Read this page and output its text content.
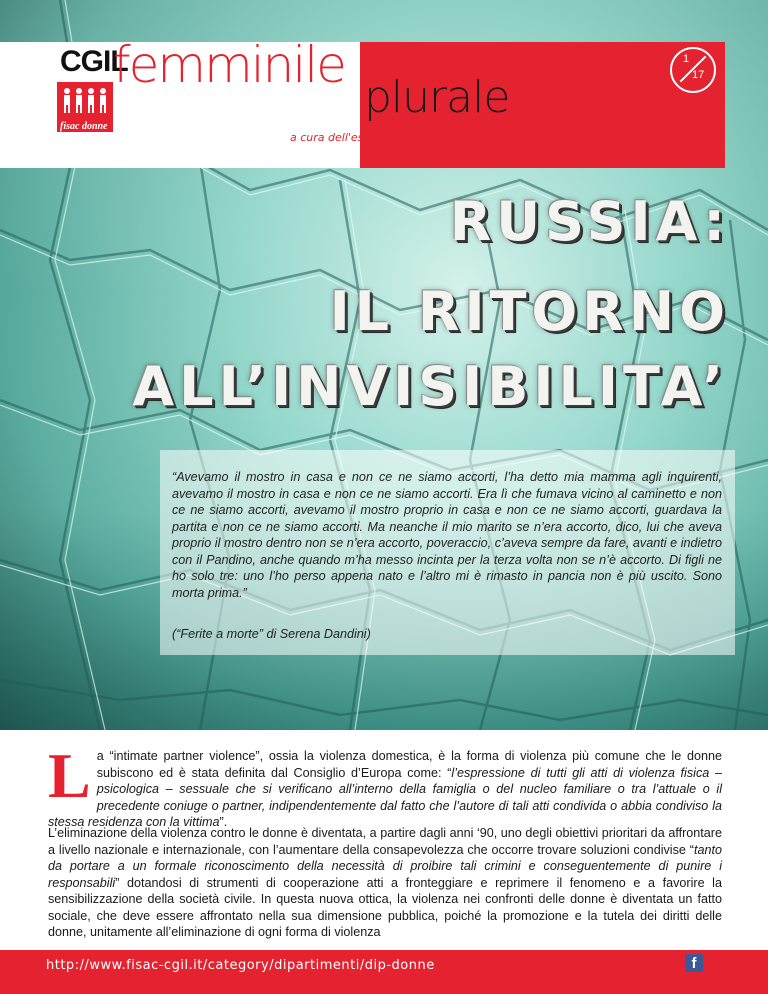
CGIL
fisac donne
femminile
plurale
a cura dell'esecutivo donne fisac/cgil
1
17
RUSSIA:
IL RITORNO
ALL’INVISIBILITA’
“Avevamo il mostro in casa e non ce ne siamo accorti, l’ha detto mia mamma agli inquirenti, avevamo il mostro in casa e non ce ne siamo accorti. Era lì che fumava vicino al caminetto e non ce ne siamo accorti, avevamo il mostro proprio in casa e non ce ne siamo accorti, guardava la partita e non ce ne siamo accorti. Ma neanche il mio marito se n’era accorto, dico, lui che aveva proprio il mostro dentro non se n’era accorto, poveraccio, c’aveva sempre da fare, avanti e indietro con il Pandino, anche quando m’ha messo incinta per la terza volta non se n’è accorto. Di figli ne ho solo tre: uno l’ho perso appena nato e l’altro mi è rimasto in pancia non è più uscito. Sono morta prima.”
(“Ferite a morte” di Serena Dandini)
La “intimate partner violence”, ossia la violenza domestica, è la forma di violenza più comune che le donne subiscono ed è stata definita dal Consiglio d’Europa come: “l’espressione di tutti gli atti di violenza fisica – psicologica – sessuale che si verificano all’interno della famiglia o del nucleo familiare o tra l’attuale o il precedente coniuge o partner, indipendentemente dal fatto che l’autore di tali atti condivida o abbia condiviso la stessa residenza con la vittima”.
L’eliminazione della violenza contro le donne è diventata, a partire dagli anni ‘90, uno degli obiettivi prioritari da affrontare a livello nazionale e internazionale, con l’aumentare della consapevolezza che occorre trovare soluzioni condivise “tanto da portare a un formale riconoscimento della necessità di proibire tali crimini e conseguentemente di punire i responsabili” dotandosi di strumenti di cooperazione atti a fronteggiare e reprimere il fenomeno e a favorire la sensibilizzazione della società civile. In questa nuova ottica, la violenza nei confronti delle donne è diventata un fatto sociale, che deve essere affrontato nella sua dimensione pubblica, poiché la promozione e la tutela dei diritti delle donne, unitamente all’eliminazione di ogni forma di violenza
http://www.fisac-cgil.it/category/dipartimenti/dip-donne	f
